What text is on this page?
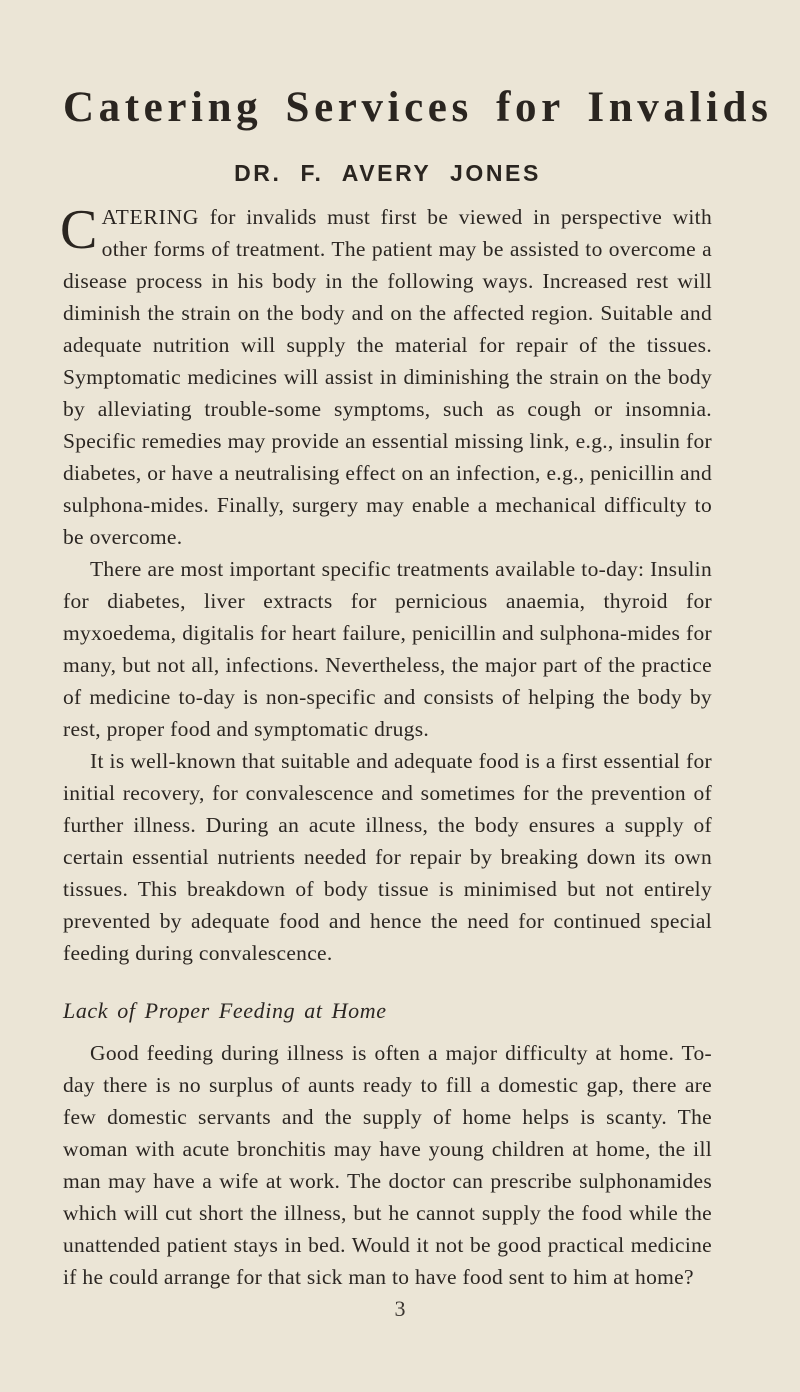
Catering Services for Invalids
DR. F. AVERY JONES

CATERING for invalids must first be viewed in perspective with other forms of treatment. The patient may be assisted to overcome a disease process in his body in the following ways. Increased rest will diminish the strain on the body and on the affected region. Suitable and adequate nutrition will supply the material for repair of the tissues. Symptomatic medicines will assist in diminishing the strain on the body by alleviating trouble-some symptoms, such as cough or insomnia. Specific remedies may provide an essential missing link, e.g., insulin for diabetes, or have a neutralising effect on an infection, e.g., penicillin and sulphona-mides. Finally, surgery may enable a mechanical difficulty to be overcome.

There are most important specific treatments available to-day: Insulin for diabetes, liver extracts for pernicious anaemia, thyroid for myxoedema, digitalis for heart failure, penicillin and sulphona-mides for many, but not all, infections. Nevertheless, the major part of the practice of medicine to-day is non-specific and consists of helping the body by rest, proper food and symptomatic drugs.

It is well-known that suitable and adequate food is a first essential for initial recovery, for convalescence and sometimes for the prevention of further illness. During an acute illness, the body ensures a supply of certain essential nutrients needed for repair by breaking down its own tissues. This breakdown of body tissue is minimised but not entirely prevented by adequate food and hence the need for continued special feeding during convalescence.

Lack of Proper Feeding at Home

Good feeding during illness is often a major difficulty at home. To-day there is no surplus of aunts ready to fill a domestic gap, there are few domestic servants and the supply of home helps is scanty. The woman with acute bronchitis may have young children at home, the ill man may have a wife at work. The doctor can prescribe sulphonamides which will cut short the illness, but he cannot supply the food while the unattended patient stays in bed. Would it not be good practical medicine if he could arrange for that sick man to have food sent to him at home?

3
